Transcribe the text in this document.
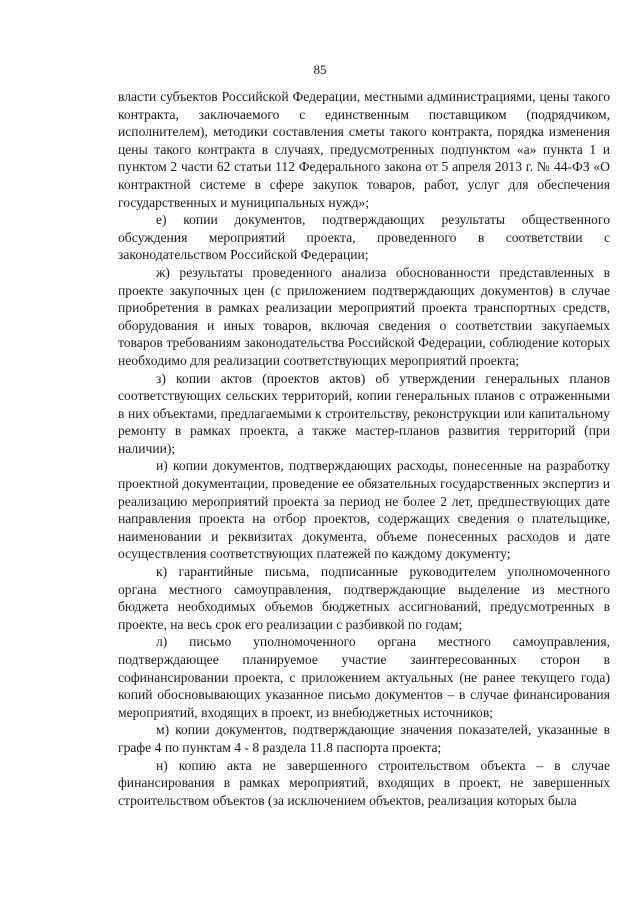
85

власти субъектов Российской Федерации, местными администрациями, цены такого контракта, заключаемого с единственным поставщиком (подрядчиком, исполнителем), методики составления сметы такого контракта, порядка изменения цены такого контракта в случаях, предусмотренных подпунктом «а» пункта 1 и пунктом 2 части 62 статьи 112 Федерального закона от 5 апреля 2013 г. № 44-ФЗ «О контрактной системе в сфере закупок товаров, работ, услуг для обеспечения государственных и муниципальных нужд»;

е) копии документов, подтверждающих результаты общественного обсуждения мероприятий проекта, проведенного в соответствии с законодательством Российской Федерации;

ж) результаты проведенного анализа обоснованности представленных в проекте закупочных цен (с приложением подтверждающих документов) в случае приобретения в рамках реализации мероприятий проекта транспортных средств, оборудования и иных товаров, включая сведения о соответствии закупаемых товаров требованиям законодательства Российской Федерации, соблюдение которых необходимо для реализации соответствующих мероприятий проекта;

з) копии актов (проектов актов) об утверждении генеральных планов соответствующих сельских территорий, копии генеральных планов с отраженными в них объектами, предлагаемыми к строительству, реконструкции или капитальному ремонту в рамках проекта, а также мастер-планов развития территорий (при наличии);

и) копии документов, подтверждающих расходы, понесенные на разработку проектной документации, проведение ее обязательных государственных экспертиз и реализацию мероприятий проекта за период не более 2 лет, предшествующих дате направления проекта на отбор проектов, содержащих сведения о плательщике, наименовании и реквизитах документа, объеме понесенных расходов и дате осуществления соответствующих платежей по каждому документу;

к) гарантийные письма, подписанные руководителем уполномоченного органа местного самоуправления, подтверждающие выделение из местного бюджета необходимых объемов бюджетных ассигнований, предусмотренных в проекте, на весь срок его реализации с разбивкой по годам;

л) письмо уполномоченного органа местного самоуправления, подтверждающее планируемое участие заинтересованных сторон в софинансировании проекта, с приложением актуальных (не ранее текущего года) копий обосновывающих указанное письмо документов – в случае финансирования мероприятий, входящих в проект, из внебюджетных источников;

м) копии документов, подтверждающие значения показателей, указанные в графе 4 по пунктам 4 - 8 раздела 11.8 паспорта проекта;

н) копию акта не завершенного строительством объекта – в случае финансирования в рамках мероприятий, входящих в проект, не завершенных строительством объектов (за исключением объектов, реализация которых была
